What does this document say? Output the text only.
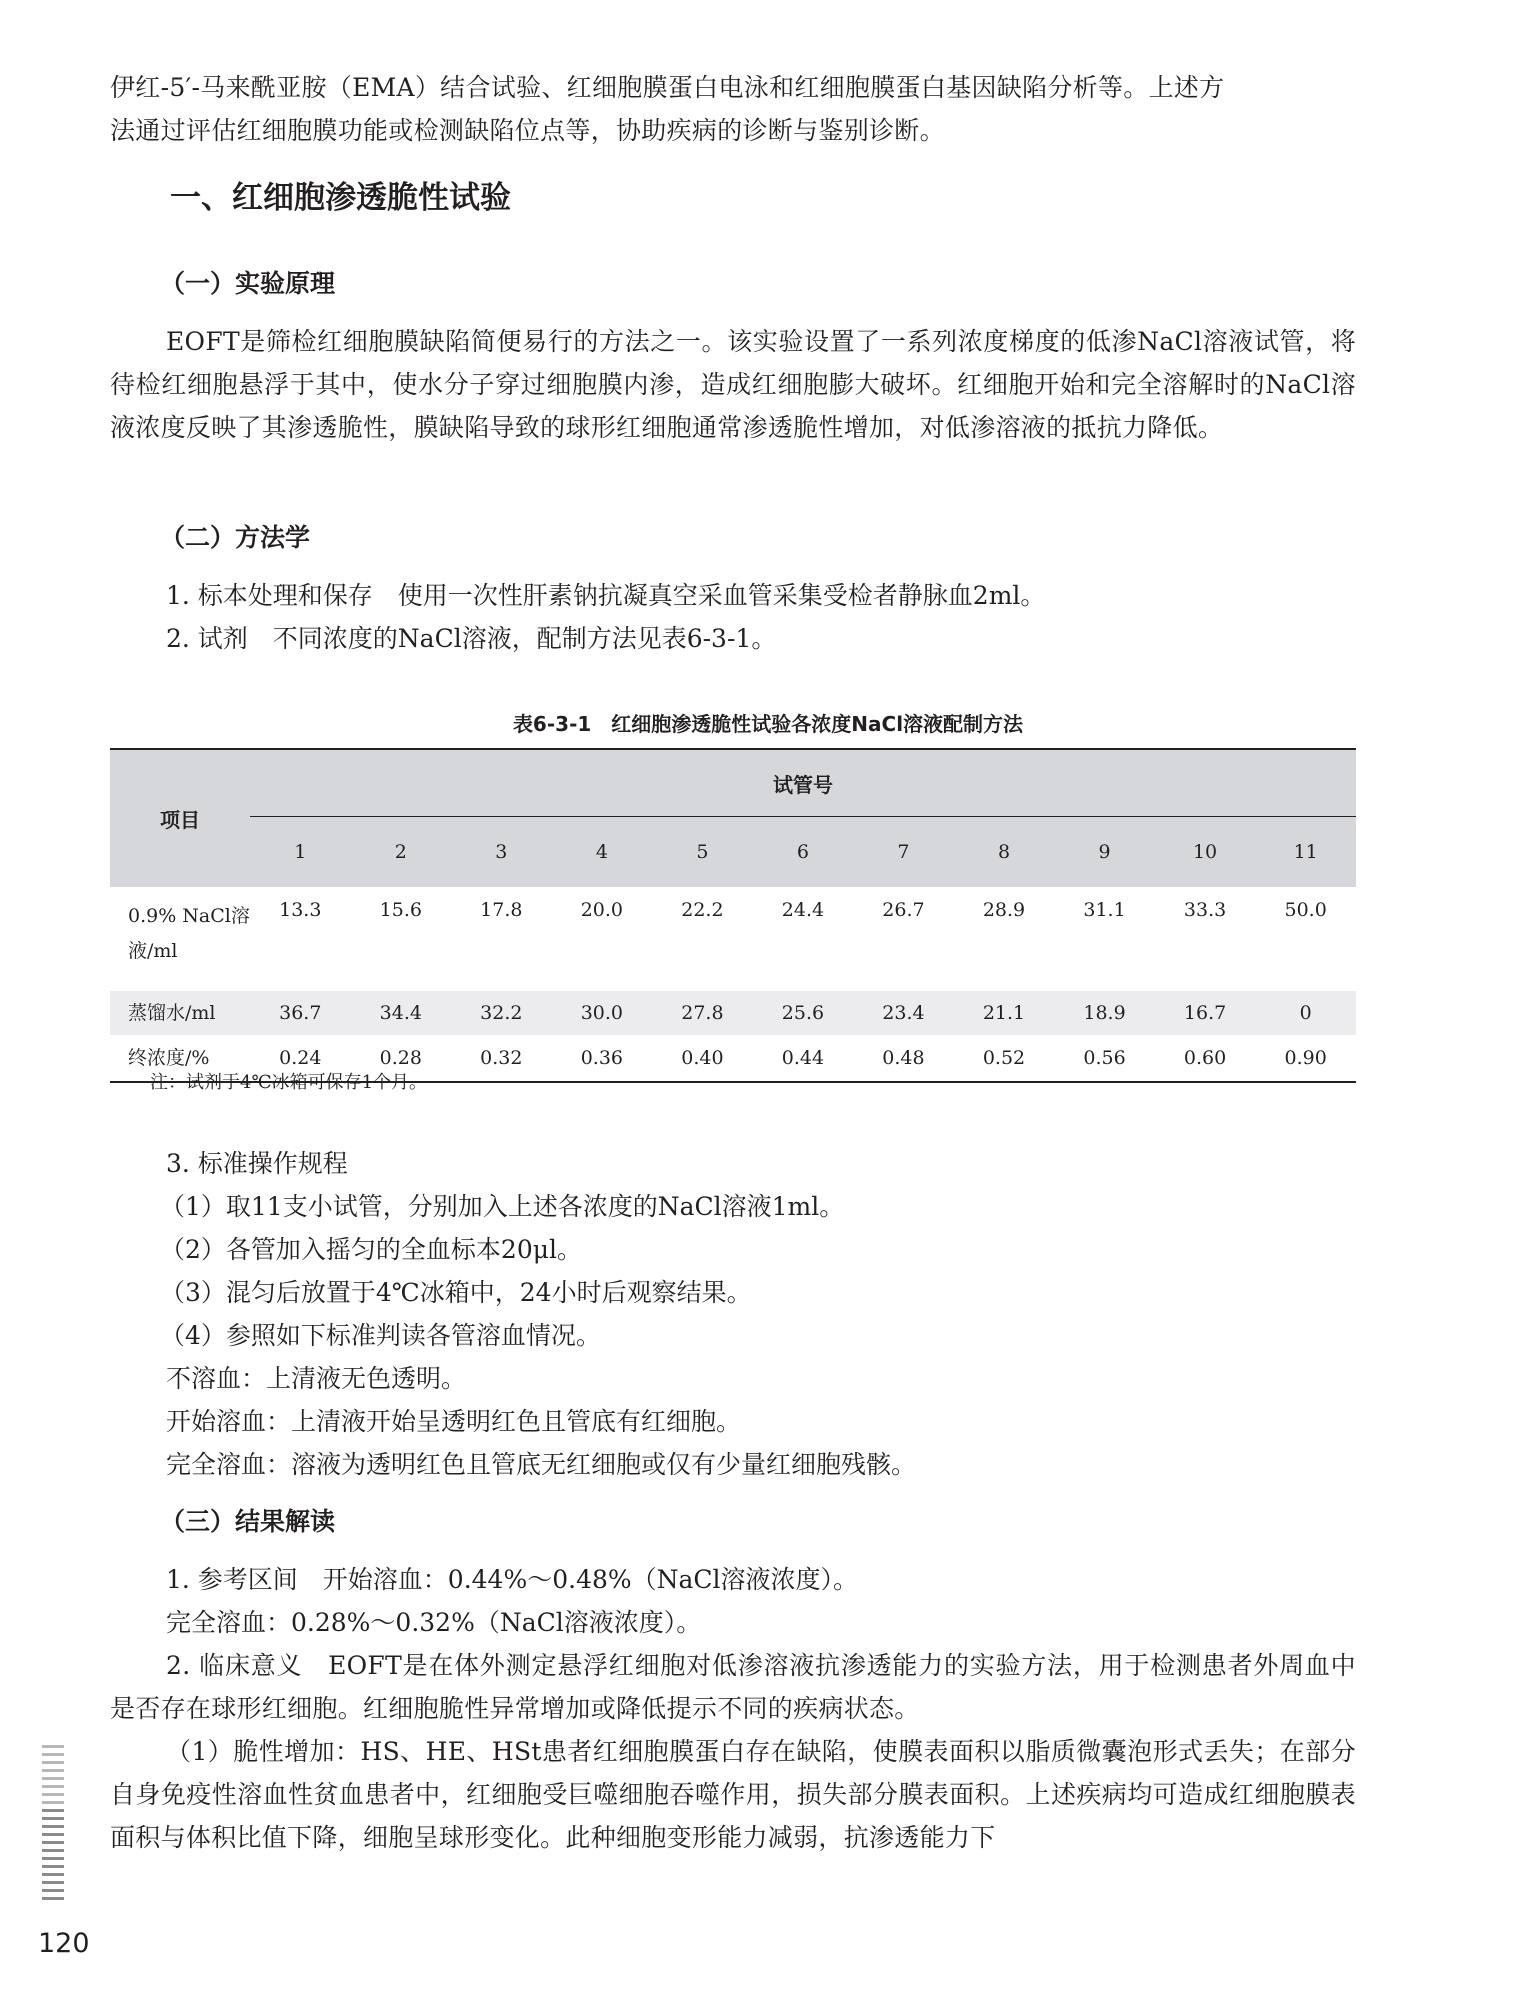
伊红-5′-马来酰亚胺（EMA）结合试验、红细胞膜蛋白电泳和红细胞膜蛋白基因缺陷分析等。上述方

法通过评估红细胞膜功能或检测缺陷位点等，协助疾病的诊断与鉴别诊断。

一、红细胞渗透脆性试验
（一）实验原理

EOFT是筛检红细胞膜缺陷简便易行的方法之一。该实验设置了一系列浓度梯度的低渗NaCl溶液试管，将待检红细胞悬浮于其中，使水分子穿过细胞膜内渗，造成红细胞膨大破坏。红细胞开始和完全溶解时的NaCl溶液浓度反映了其渗透脆性，膜缺陷导致的球形红细胞通常渗透脆性增加，对低渗溶液的抵抗力降低。

（二）方法学

1. 标本处理和保存　使用一次性肝素钠抗凝真空采血管采集受检者静脉血2ml。

2. 试剂　不同浓度的NaCl溶液，配制方法见表6-3-1。

表6-3-1　红细胞渗透脆性试验各浓度NaCl溶液配制方法
项目	试管号										
	1	2	3	4	5	6	7	8	9	10	11
0.9% NaCl溶液/ml	13.3	15.6	17.8	20.0	22.2	24.4	26.7	28.9	31.1	33.3	50.0
蒸馏水/ml	36.7	34.4	32.2	30.0	27.8	25.6	23.4	21.1	18.9	16.7	0
终浓度/%	0.24	0.28	0.32	0.36	0.40	0.44	0.48	0.52	0.56	0.60	0.90
注：试剂于4℃冰箱可保存1个月。

3. 标准操作规程

（1）取11支小试管，分别加入上述各浓度的NaCl溶液1ml。

（2）各管加入摇匀的全血标本20μl。

（3）混匀后放置于4℃冰箱中，24小时后观察结果。

（4）参照如下标准判读各管溶血情况。

不溶血：上清液无色透明。

开始溶血：上清液开始呈透明红色且管底有红细胞。

完全溶血：溶液为透明红色且管底无红细胞或仅有少量红细胞残骸。

（三）结果解读

1. 参考区间　开始溶血：0.44%～0.48%（NaCl溶液浓度）。

完全溶血：0.28%～0.32%（NaCl溶液浓度）。

2. 临床意义　EOFT是在体外测定悬浮红细胞对低渗溶液抗渗透能力的实验方法，用于检测患者外周血中是否存在球形红细胞。红细胞脆性异常增加或降低提示不同的疾病状态。

（1）脆性增加：HS、HE、HSt患者红细胞膜蛋白存在缺陷，使膜表面积以脂质微囊泡形式丢失；在部分自身免疫性溶血性贫血患者中，红细胞受巨噬细胞吞噬作用，损失部分膜表面积。上述疾病均可造成红细胞膜表面积与体积比值下降，细胞呈球形变化。此种细胞变形能力减弱，抗渗透能力下

120
